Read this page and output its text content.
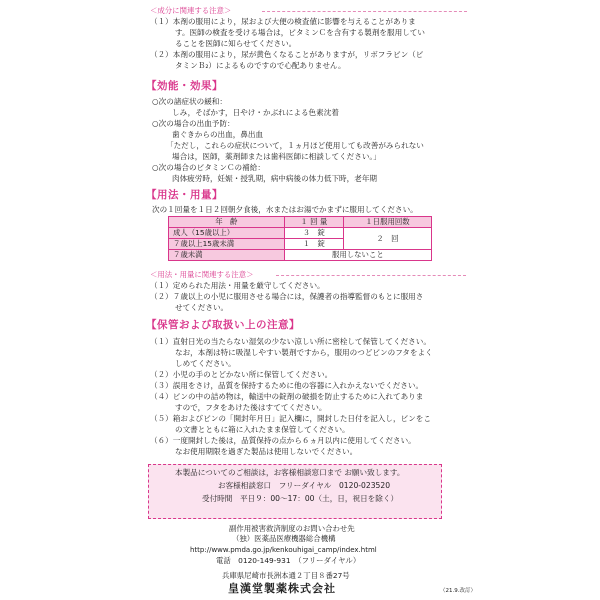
＜成分に関連する注意＞
（１）本剤の服用により，尿および大便の検査値に影響を与えることがありま
す。医師の検査を受ける場合は，ビタミンＣを含有する製剤を服用してい
ることを医師に知らせてください。
（２）本剤の服用により，尿が黄色くなることがありますが，リボフラビン（ビ
タミンＢ₂）によるものですので心配ありません。
【効能・効果】
○次の諸症状の緩和：
しみ，そばかす，日やけ・かぶれによる色素沈着
○次の場合の出血予防：
歯ぐきからの出血，鼻出血
「ただし，これらの症状について，１ヵ月ほど使用しても改善がみられない
場合は，医師，薬剤師または歯科医師に相談してください。」
○次の場合のビタミンＣの補給：
肉体疲労時，妊娠・授乳期，病中病後の体力低下時，老年期
【用法・用量】
次の１回量を１日２回朝夕食後，水またはお湯でかまずに服用してください。
年　齢	１ 回 量	１日服用回数
成人（15歳以上）	３　錠	２　回
７歳以上15歳未満	１　錠	
７歳未満	服用しないこと	
＜用法・用量に関連する注意＞
（１）定められた用法・用量を厳守してください。
（２）７歳以上の小児に服用させる場合には，保護者の指導監督のもとに服用さ
せてください。
【保管および取扱い上の注意】
（１）直射日光の当たらない湿気の少ない涼しい所に密栓して保管してください。
なお，本剤は特に吸湿しやすい製剤ですから，服用のつどビンのフタをよく
しめてください。
（２）小児の手のとどかない所に保管してください。
（３）誤用をさけ，品質を保持するために他の容器に入れかえないでください。
（４）ビンの中の詰め物は，輸送中の錠剤の破損を防止するために入れてありま
すので，フタをあけた後はすててください。
（５）箱およびビンの「開封年月日」記入欄に，開封した日付を記入し，ビンをこ
の文書とともに箱に入れたまま保管してください。
（６）一度開封した後は，品質保持の点から６ヵ月以内に使用してください。
なお使用期限を過ぎた製品は使用しないでください。
本製品についてのご相談は，お客様相談窓口まで お願い致します。
お客様相談窓口　フリーダイヤル　0120-023520
受付時間　平日９：00～17：00（土，日，祝日を除く）
副作用被害救済制度のお問い合わせ先
（独）医薬品医療機器総合機構
http://www.pmda.go.jp/kenkouhigai_camp/index.html
電話　0120-149-931　（フリーダイヤル）
兵庫県尼崎市長洲本通２丁目８番27号
皇漢堂製薬株式会社	（21.9.改訂）
